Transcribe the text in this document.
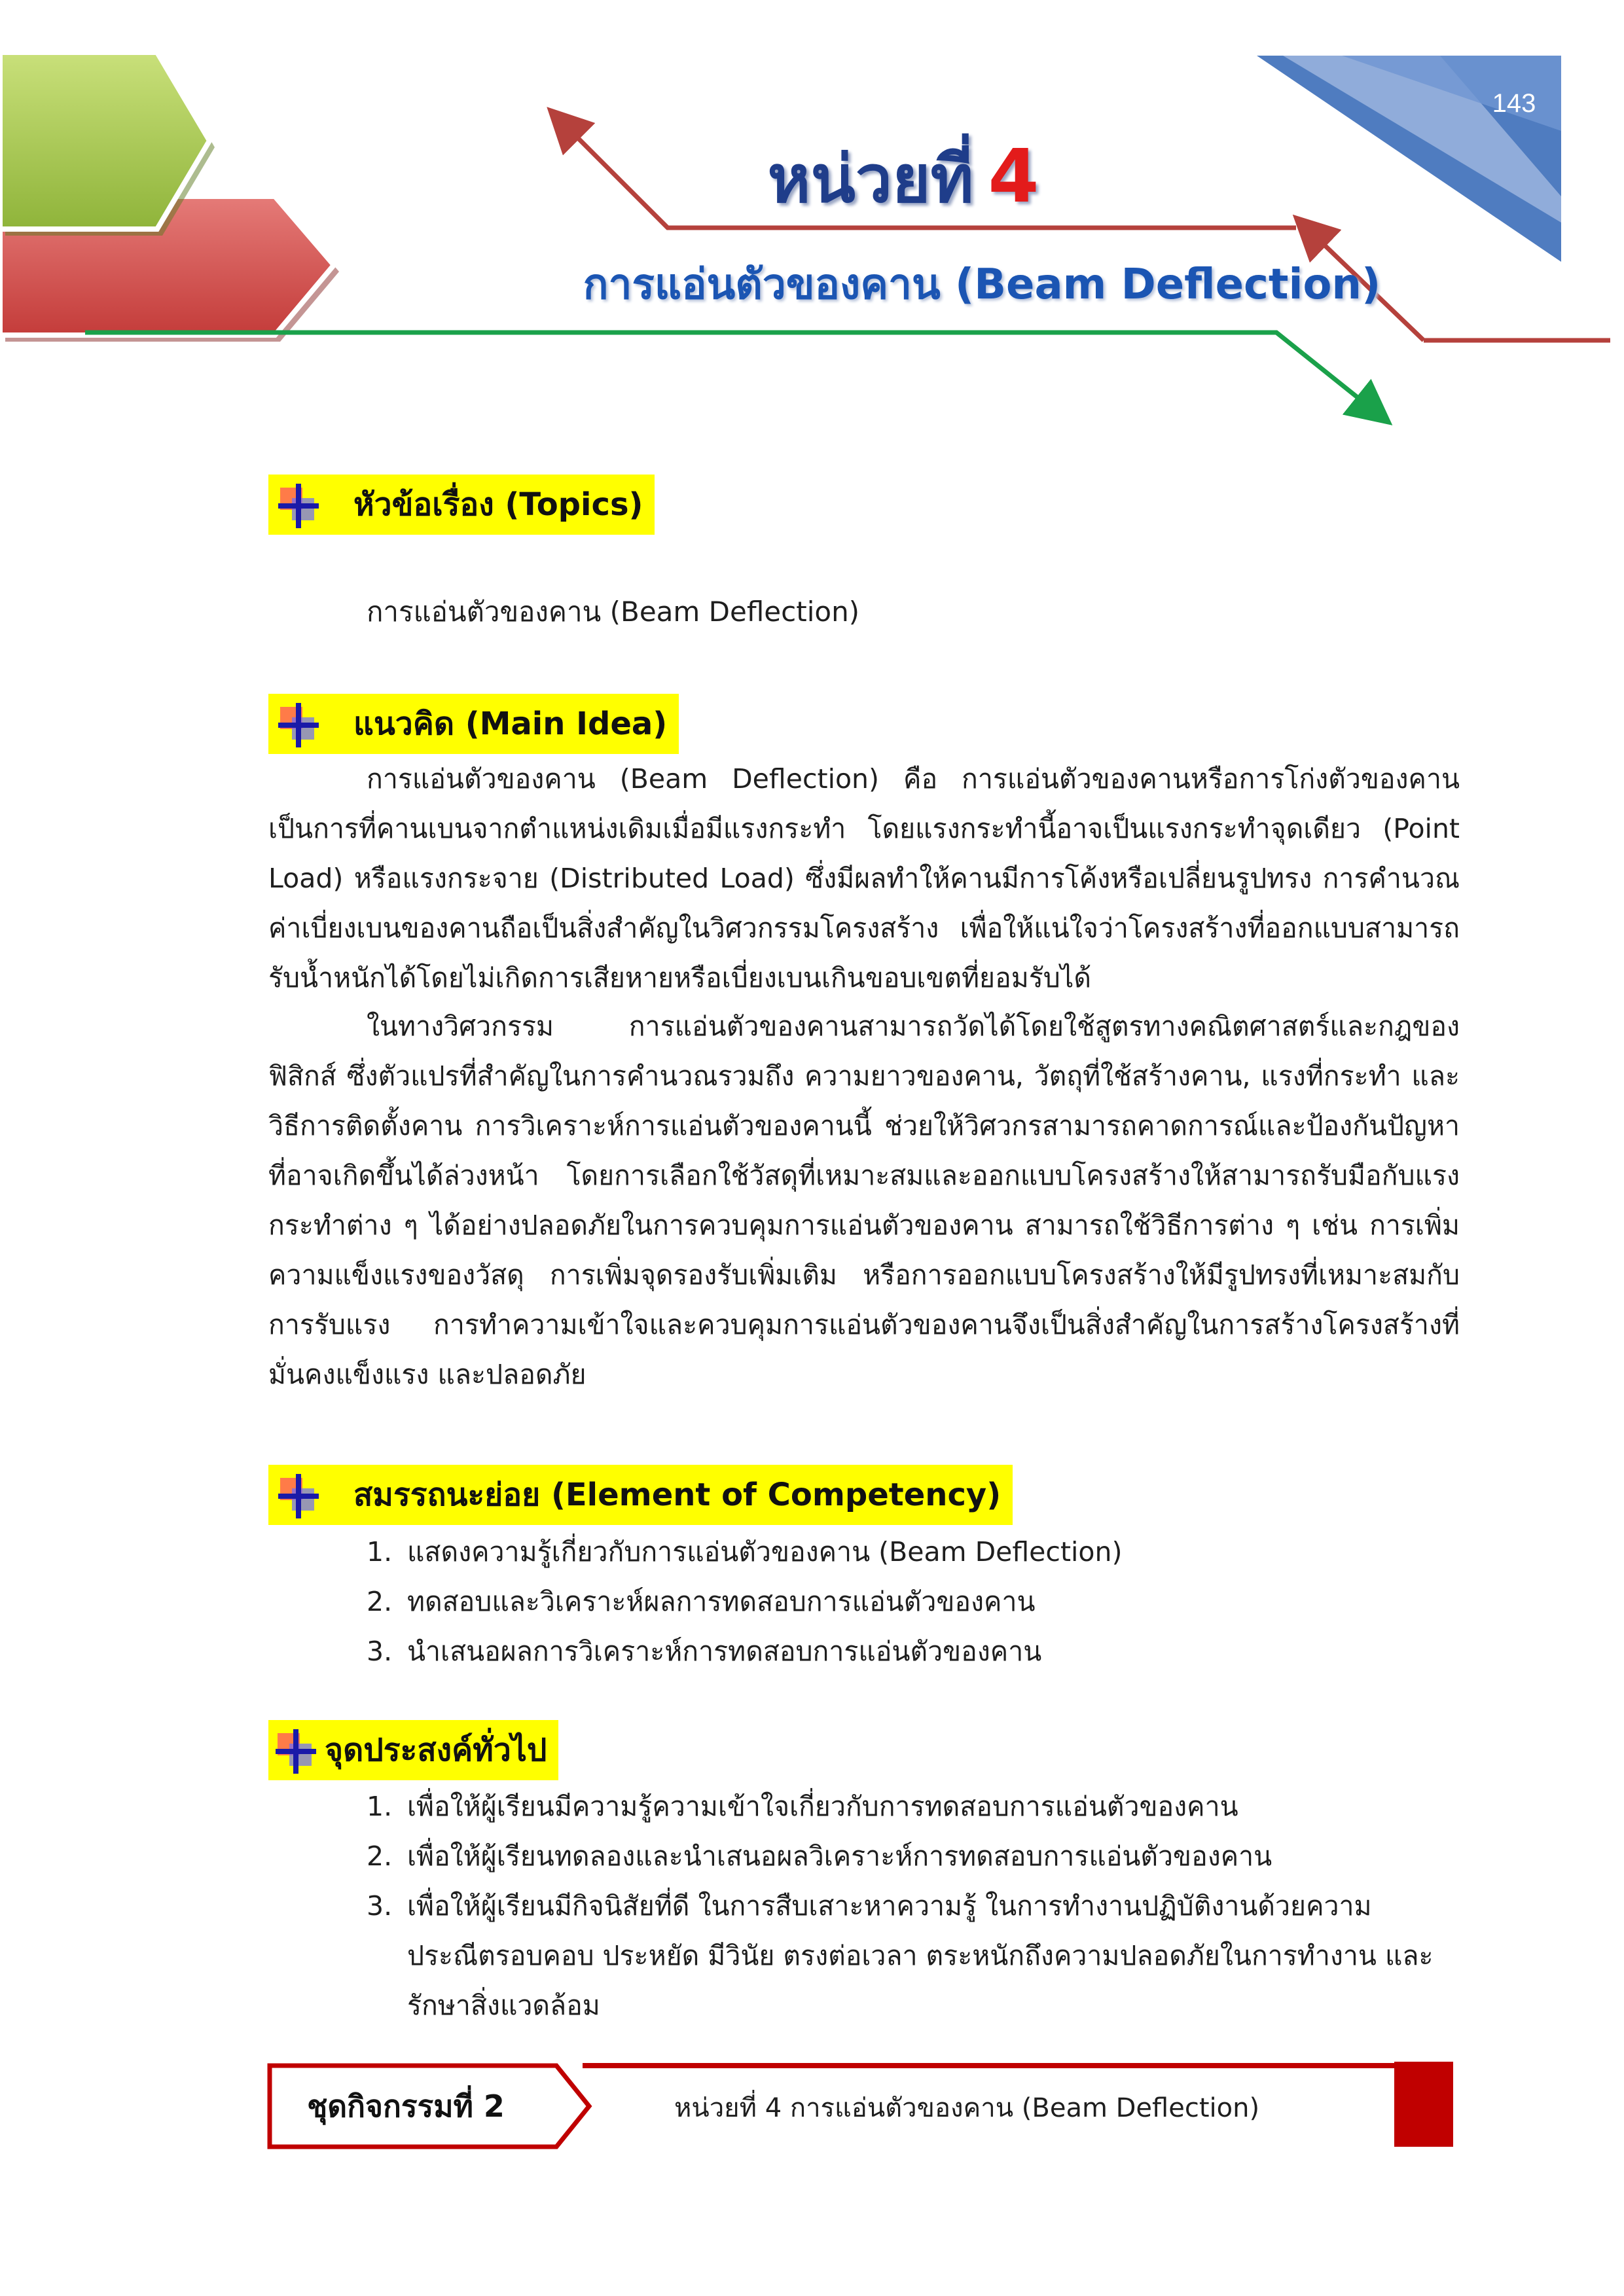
143
หน่วยที่ 4
การแอ่นตัวของคาน (Beam Deflection)
หัวข้อเรื่อง (Topics)
การแอ่นตัวของคาน (Beam Deflection)
แนวคิด (Main Idea)

การแอ่นตัวของคาน (Beam Deflection) คือ การแอ่นตัวของคานหรือการโก่งตัวของคาน เป็นการที่คานเบนจากตำแหน่งเดิมเมื่อมีแรงกระทำ โดยแรงกระทำนี้อาจเป็นแรงกระทำจุดเดียว (Point Load) หรือแรงกระจาย (Distributed Load) ซึ่งมีผลทำให้คานมีการโค้งหรือเปลี่ยนรูปทรง การคำนวณค่าเบี่ยงเบนของคานถือเป็นสิ่งสำคัญในวิศวกรรมโครงสร้าง เพื่อให้แน่ใจว่าโครงสร้างที่ออกแบบสามารถรับน้ำหนักได้โดยไม่เกิดการเสียหายหรือเบี่ยงเบนเกินขอบเขตที่ยอมรับได้

ในทางวิศวกรรม การแอ่นตัวของคานสามารถวัดได้โดยใช้สูตรทางคณิตศาสตร์และกฎของฟิสิกส์ ซึ่งตัวแปรที่สำคัญในการคำนวณรวมถึง ความยาวของคาน, วัตถุที่ใช้สร้างคาน, แรงที่กระทำ และวิธีการติดตั้งคาน การวิเคราะห์การแอ่นตัวของคานนี้ ช่วยให้วิศวกรสามารถคาดการณ์และป้องกันปัญหาที่อาจเกิดขึ้นได้ล่วงหน้า โดยการเลือกใช้วัสดุที่เหมาะสมและออกแบบโครงสร้างให้สามารถรับมือกับแรงกระทำต่าง ๆ ได้อย่างปลอดภัยในการควบคุมการแอ่นตัวของคาน สามารถใช้วิธีการต่าง ๆ เช่น การเพิ่มความแข็งแรงของวัสดุ การเพิ่มจุดรองรับเพิ่มเติม หรือการออกแบบโครงสร้างให้มีรูปทรงที่เหมาะสมกับการรับแรง การทำความเข้าใจและควบคุมการแอ่นตัวของคานจึงเป็นสิ่งสำคัญในการสร้างโครงสร้างที่มั่นคงแข็งแรง และปลอดภัย

สมรรถนะย่อย (Element of Competency)
1. แสดงความรู้เกี่ยวกับการแอ่นตัวของคาน (Beam Deflection)
2. ทดสอบและวิเคราะห์ผลการทดสอบการแอ่นตัวของคาน
3. นำเสนอผลการวิเคราะห์การทดสอบการแอ่นตัวของคาน
จุดประสงค์ทั่วไป
1. เพื่อให้ผู้เรียนมีความรู้ความเข้าใจเกี่ยวกับการทดสอบการแอ่นตัวของคาน
2. เพื่อให้ผู้เรียนทดลองและนำเสนอผลวิเคราะห์การทดสอบการแอ่นตัวของคาน
3. เพื่อให้ผู้เรียนมีกิจนิสัยที่ดี ในการสืบเสาะหาความรู้ ในการทำงานปฏิบัติงานด้วยความประณีตรอบคอบ ประหยัด มีวินัย ตรงต่อเวลา ตระหนักถึงความปลอดภัยในการทำงาน และรักษาสิ่งแวดล้อม
ชุดกิจกรรมที่ 2	หน่วยที่ 4 การแอ่นตัวของคาน (Beam Deflection)
